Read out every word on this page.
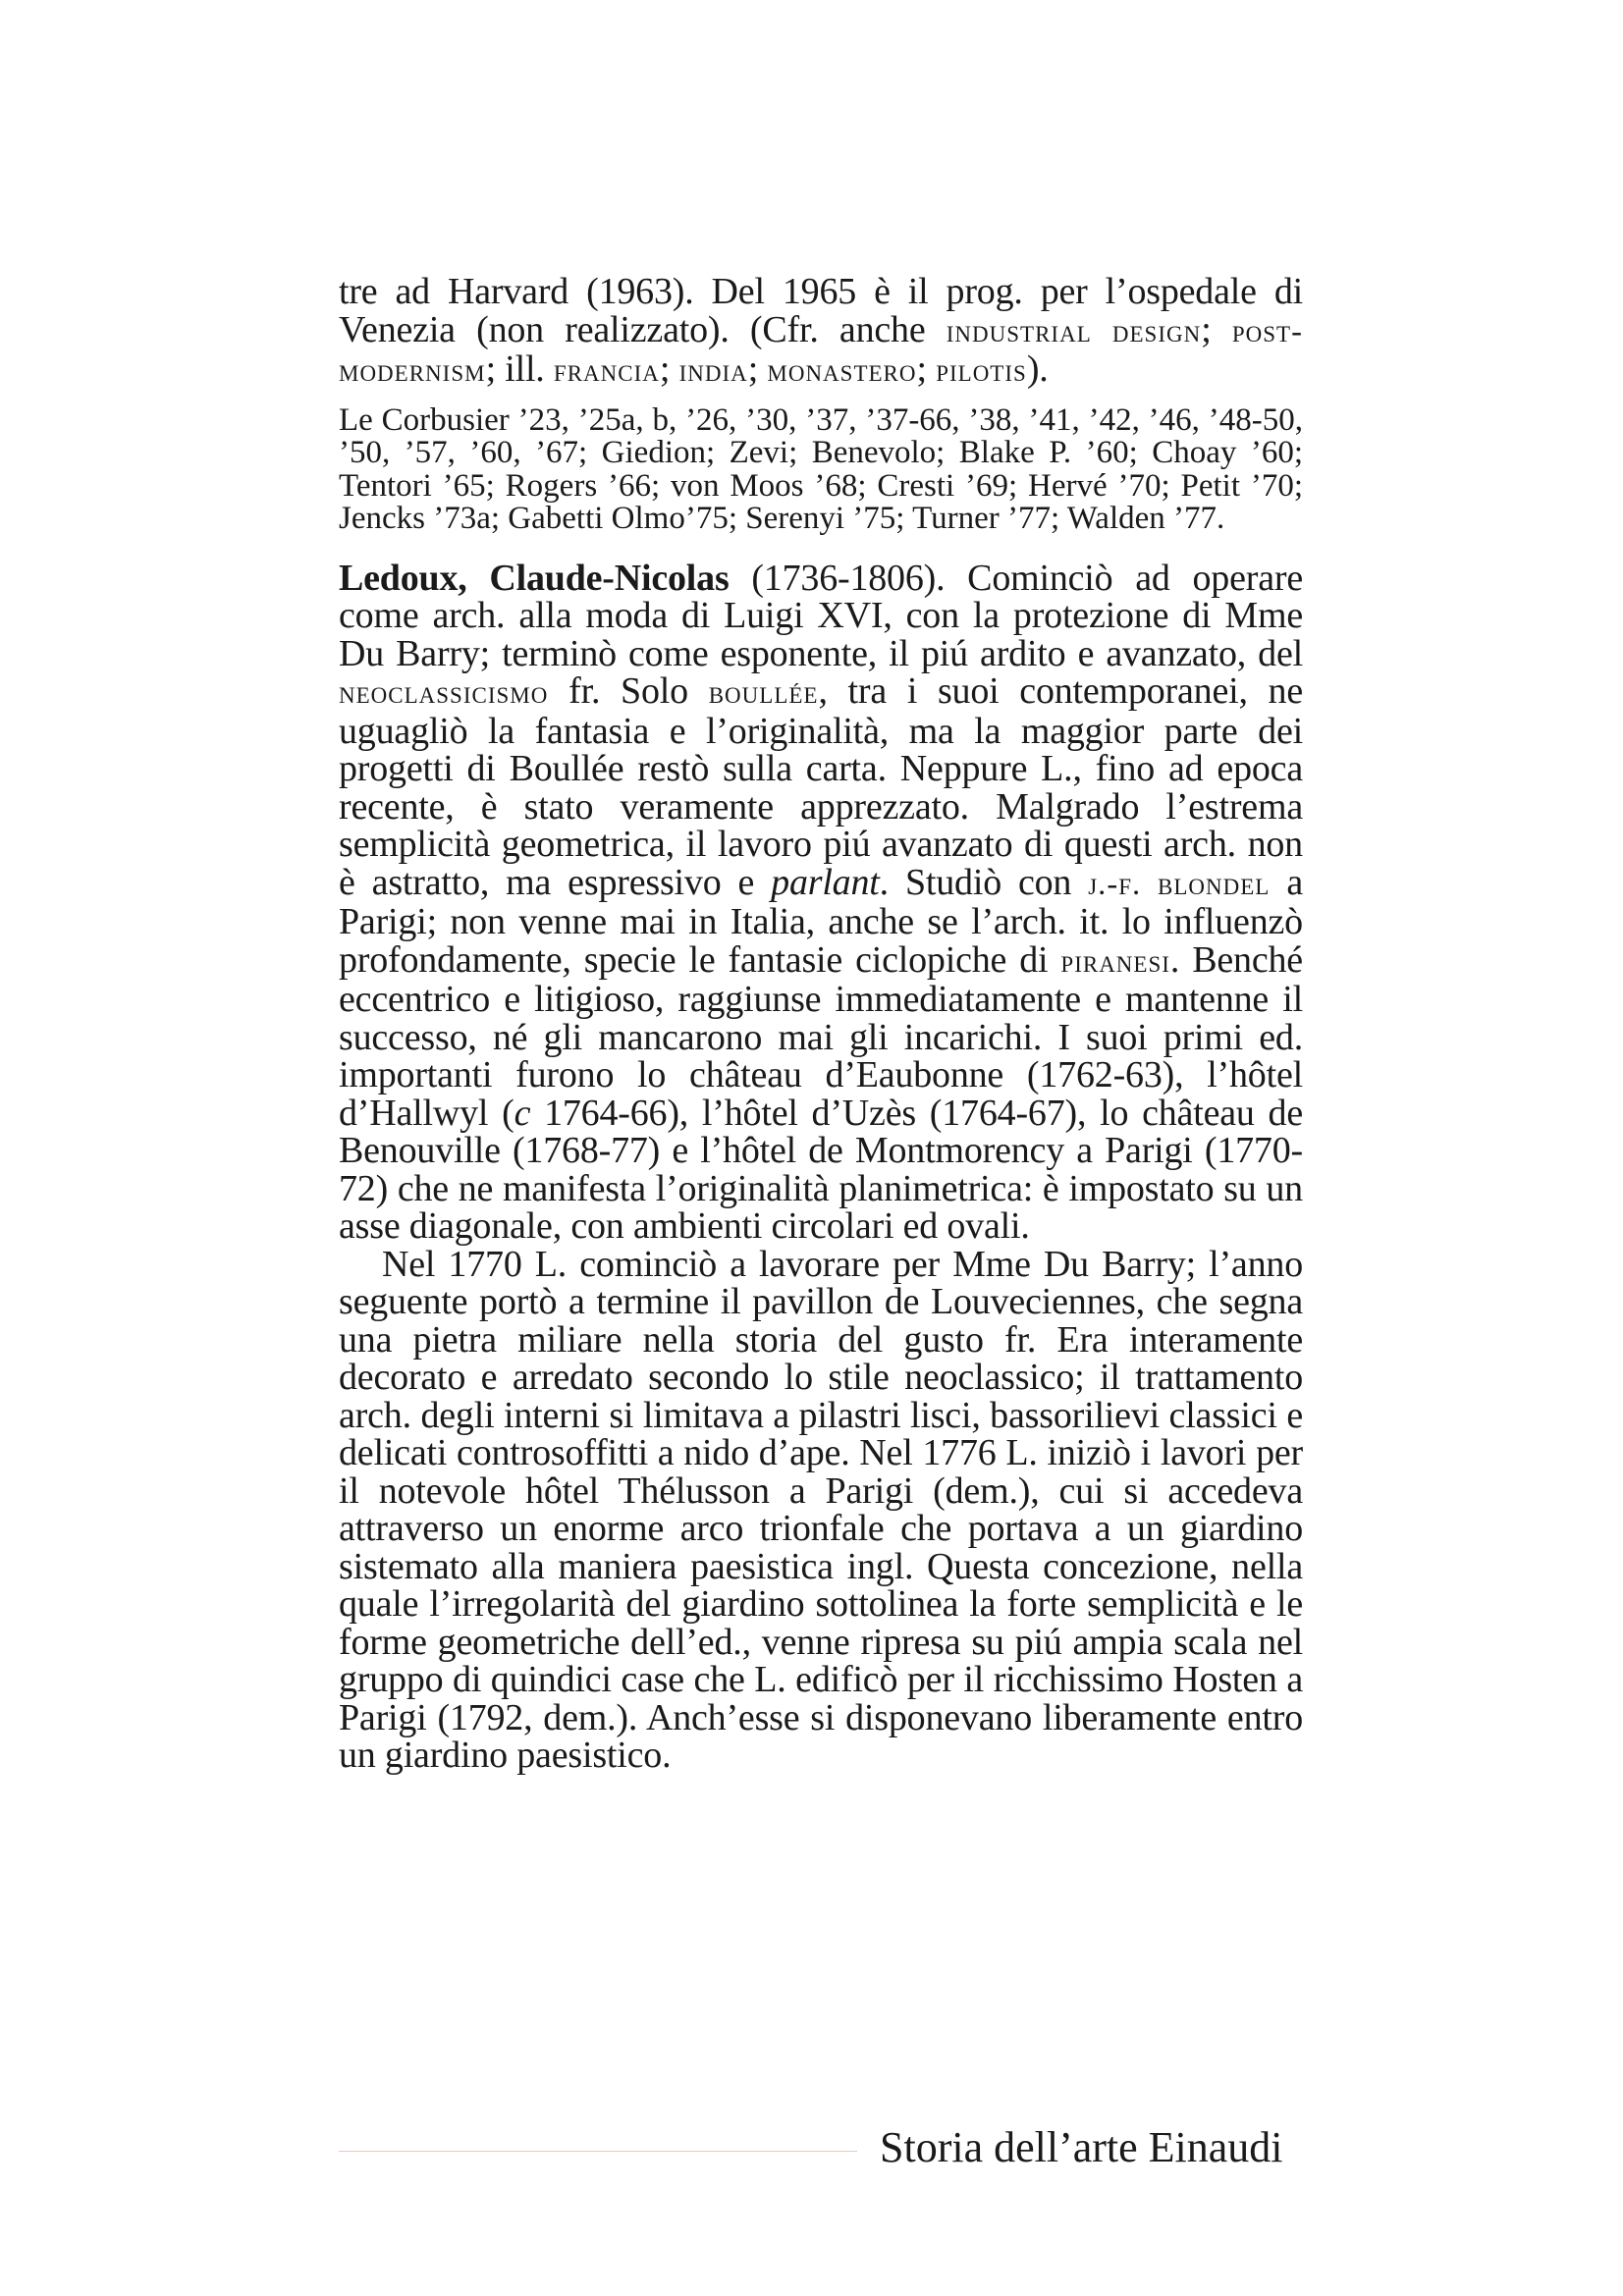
tre ad Harvard (1963). Del 1965 è il prog. per l’ospedale di Venezia (non realizzato). (Cfr. anche industrial design; post-modernism; ill. francia; india; monastero; pilotis).

Le Corbusier ’23, ’25a, b, ’26, ’30, ’37, ’37-66, ’38, ’41, ’42, ’46, ’48-50, ’50, ’57, ’60, ’67; Giedion; Zevi; Benevolo; Blake P. ’60; Choay ’60; Tentori ’65; Rogers ’66; von Moos ’68; Cresti ’69; Hervé ’70; Petit ’70; Jencks ’73a; Gabetti Olmo’75; Serenyi ’75; Turner ’77; Walden ’77.

Ledoux, Claude-Nicolas (1736-1806). Cominciò ad operare come arch. alla moda di Luigi XVI, con la protezione di Mme Du Barry; terminò come esponente, il piú ardito e avanzato, del neoclassicismo fr. Solo boullée, tra i suoi contemporanei, ne uguagliò la fantasia e l’originalità, ma la maggior parte dei progetti di Boullée restò sulla carta. Neppure L., fino ad epoca recente, è stato veramente apprezzato. Malgrado l’estrema semplicità geometrica, il lavoro piú avanzato di questi arch. non è astratto, ma espressivo e parlant. Studiò con j.-f. blondel a Parigi; non venne mai in Italia, anche se l’arch. it. lo influenzò profondamente, specie le fantasie ciclopiche di piranesi. Benché eccentrico e litigioso, raggiunse immediatamente e mantenne il successo, né gli mancarono mai gli incarichi. I suoi primi ed. importanti furono lo château d’Eaubonne (1762-63), l’hôtel d’Hallwyl (c 1764-66), l’hôtel d’Uzès (1764-67), lo château de Benouville (1768-77) e l’hôtel de Montmorency a Parigi (1770-72) che ne manifesta l’originalità planimetrica: è impostato su un asse diagonale, con ambienti circolari ed ovali.

Nel 1770 L. cominciò a lavorare per Mme Du Barry; l’anno seguente portò a termine il pavillon de Louveciennes, che segna una pietra miliare nella storia del gusto fr. Era interamente decorato e arredato secondo lo stile neoclassico; il trattamento arch. degli interni si limitava a pilastri lisci, bassorilievi classici e delicati controsoffitti a nido d’ape. Nel 1776 L. iniziò i lavori per il notevole hôtel Thélusson a Parigi (dem.), cui si accedeva attraverso un enorme arco trionfale che portava a un giardino sistemato alla maniera paesistica ingl. Questa concezione, nella quale l’irregolarità del giardino sottolinea la forte semplicità e le forme geometriche dell’ed., venne ripresa su piú ampia scala nel gruppo di quindici case che L. edificò per il ricchissimo Hosten a Parigi (1792, dem.). Anch’esse si disponevano liberamente entro un giardino paesistico.

Storia dell’arte Einaudi
